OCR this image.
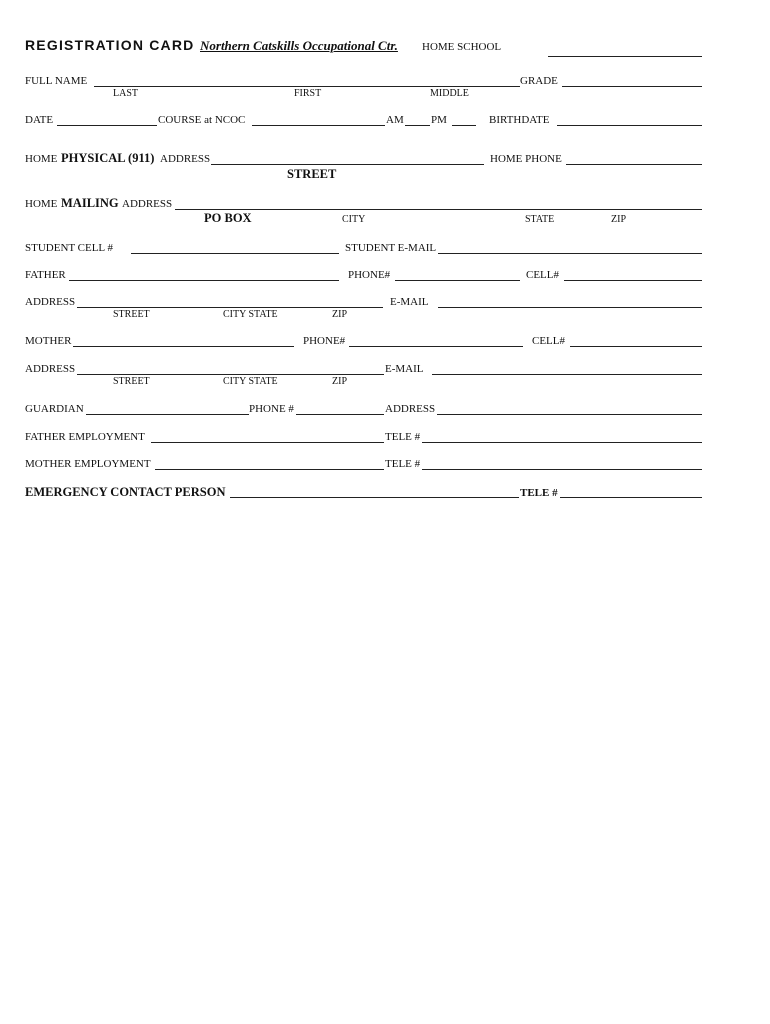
REGISTRATION CARD Northern Catskills Occupational Ctr. HOME SCHOOL
FULL NAME	GRADE
LAST	FIRST	MIDDLE
DATE	COURSE at NCOC	AM PM	BIRTHDATE
HOME PHYSICAL (911) ADDRESS	HOME PHONE
STREET
HOME MAILING ADDRESS
PO BOX	CITY	STATE	ZIP
STUDENT CELL #	STUDENT E-MAIL
FATHER	PHONE#	CELL#
ADDRESS	E-MAIL
STREET	CITY STATE	ZIP
MOTHER	PHONE#	CELL#
ADDRESS	E-MAIL
STREET	CITY STATE	ZIP
GUARDIAN	PHONE #	ADDRESS
FATHER EMPLOYMENT	TELE #
MOTHER EMPLOYMENT	TELE #
EMERGENCY CONTACT PERSON	TELE #
